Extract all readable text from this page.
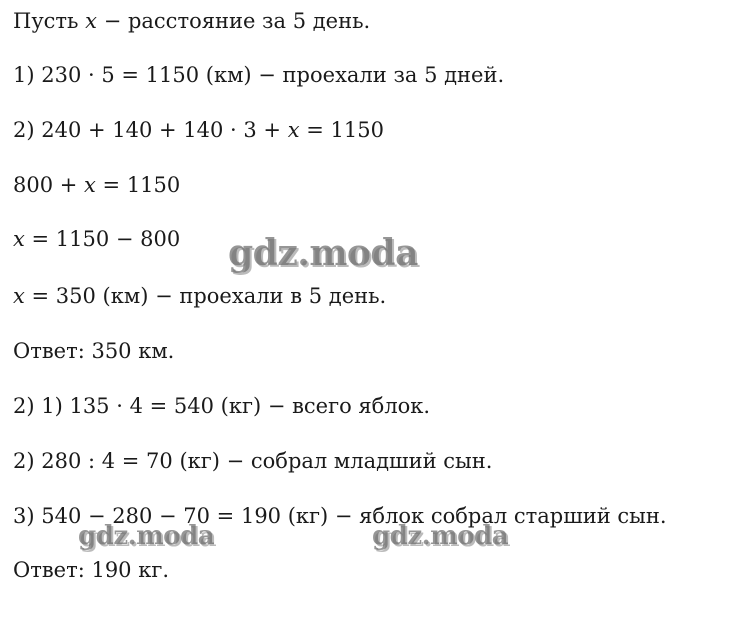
Пусть x − расстояние за 5 день.
1) 230 · 5 = 1150 (км) − проехали за 5 дней.
2) 240 + 140 + 140 · 3 + x = 1150
800 + x = 1150
x = 1150 − 800
x = 350 (км) − проехали в 5 день.
Ответ: 350 км.
2) 1) 135 · 4 = 540 (кг) − всего яблок.
2) 280 : 4 = 70 (кг) − собрал младший сын.
3) 540 − 280 − 70 = 190 (кг) − яблок собрал старший сын.
Ответ: 190 кг.
gdz.moda
gdz.moda	gdz.moda
